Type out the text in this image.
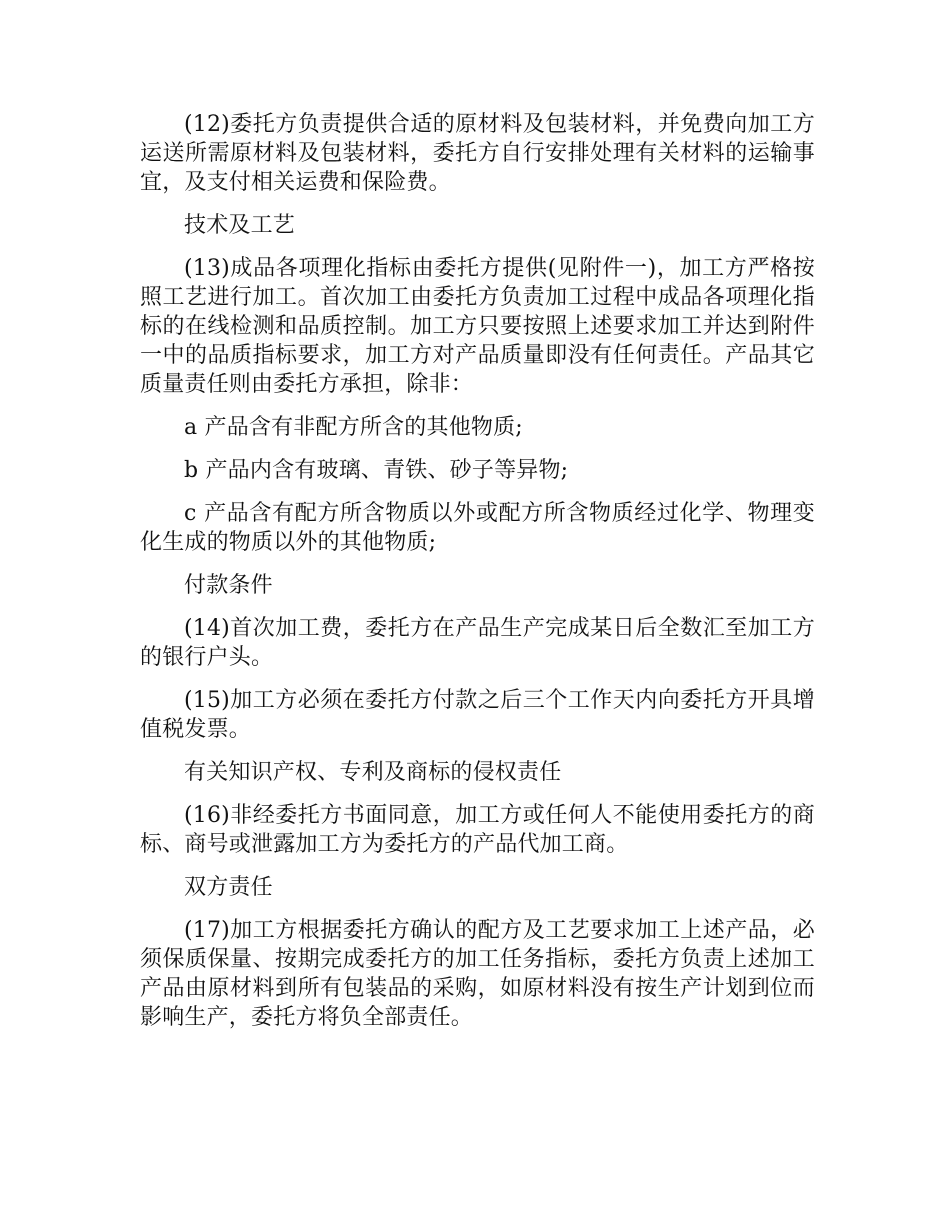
(12)委托方负责提供合适的原材料及包装材料，并免费向加工方运送所需原材料及包装材料，委托方自行安排处理有关材料的运输事宜，及支付相关运费和保险费。

技术及工艺

(13)成品各项理化指标由委托方提供(见附件一)，加工方严格按照工艺进行加工。首次加工由委托方负责加工过程中成品各项理化指标的在线检测和品质控制。加工方只要按照上述要求加工并达到附件一中的品质指标要求，加工方对产品质量即没有任何责任。产品其它质量责任则由委托方承担，除非：

a 产品含有非配方所含的其他物质;

b 产品内含有玻璃、青铁、砂子等异物;

c 产品含有配方所含物质以外或配方所含物质经过化学、物理变化生成的物质以外的其他物质;

付款条件

(14)首次加工费，委托方在产品生产完成某日后全数汇至加工方的银行户头。

(15)加工方必须在委托方付款之后三个工作天内向委托方开具增值税发票。

有关知识产权、专利及商标的侵权责任

(16)非经委托方书面同意，加工方或任何人不能使用委托方的商标、商号或泄露加工方为委托方的产品代加工商。

双方责任

(17)加工方根据委托方确认的配方及工艺要求加工上述产品，必须保质保量、按期完成委托方的加工任务指标，委托方负责上述加工产品由原材料到所有包装品的采购，如原材料没有按生产计划到位而影响生产，委托方将负全部责任。
